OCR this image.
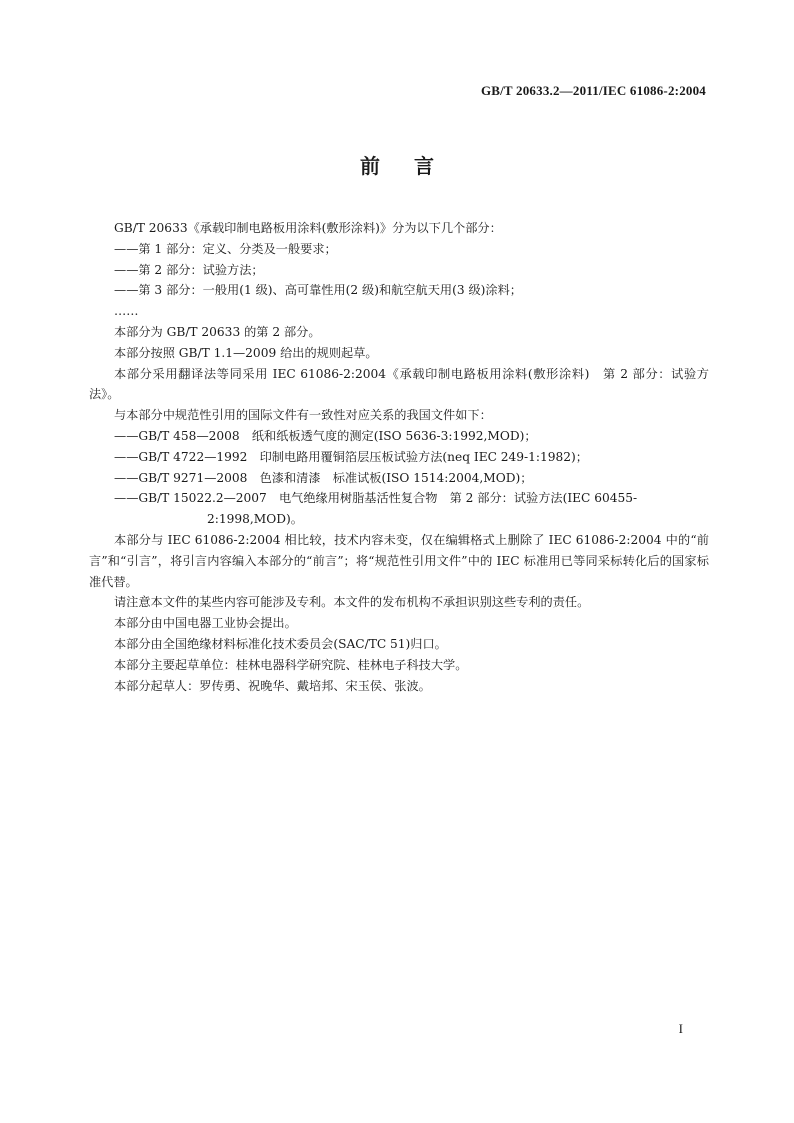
GB/T 20633.2—2011/IEC 61086-2:2004
前言

GB/T 20633《承载印制电路板用涂料(敷形涂料)》分为以下几个部分：

——第 1 部分：定义、分类及一般要求；

——第 2 部分：试验方法；

——第 3 部分：一般用(1 级)、高可靠性用(2 级)和航空航天用(3 级)涂料；

……

本部分为 GB/T 20633 的第 2 部分。

本部分按照 GB/T 1.1—2009 给出的规则起草。

本部分采用翻译法等同采用 IEC 61086-2:2004《承载印制电路板用涂料(敷形涂料)　第 2 部分：试验方法》。

与本部分中规范性引用的国际文件有一致性对应关系的我国文件如下：

——GB/T 458—2008　纸和纸板透气度的测定(ISO 5636-3:1992,MOD)；

——GB/T 4722—1992　印制电路用覆铜箔层压板试验方法(neq IEC 249-1:1982)；

——GB/T 9271—2008　色漆和清漆　标准试板(ISO 1514:2004,MOD)；

——GB/T 15022.2—2007　电气绝缘用树脂基活性复合物　第 2 部分：试验方法(IEC 60455-2:1998,MOD)。

本部分与 IEC 61086-2:2004 相比较，技术内容未变，仅在编辑格式上删除了 IEC 61086-2:2004 中的“前言”和“引言”，将引言内容编入本部分的“前言”；将“规范性引用文件”中的 IEC 标准用已等同采标转化后的国家标准代替。

请注意本文件的某些内容可能涉及专利。本文件的发布机构不承担识别这些专利的责任。

本部分由中国电器工业协会提出。

本部分由全国绝缘材料标准化技术委员会(SAC/TC 51)归口。

本部分主要起草单位：桂林电器科学研究院、桂林电子科技大学。

本部分起草人：罗传勇、祝晚华、戴培邦、宋玉侯、张波。

I
